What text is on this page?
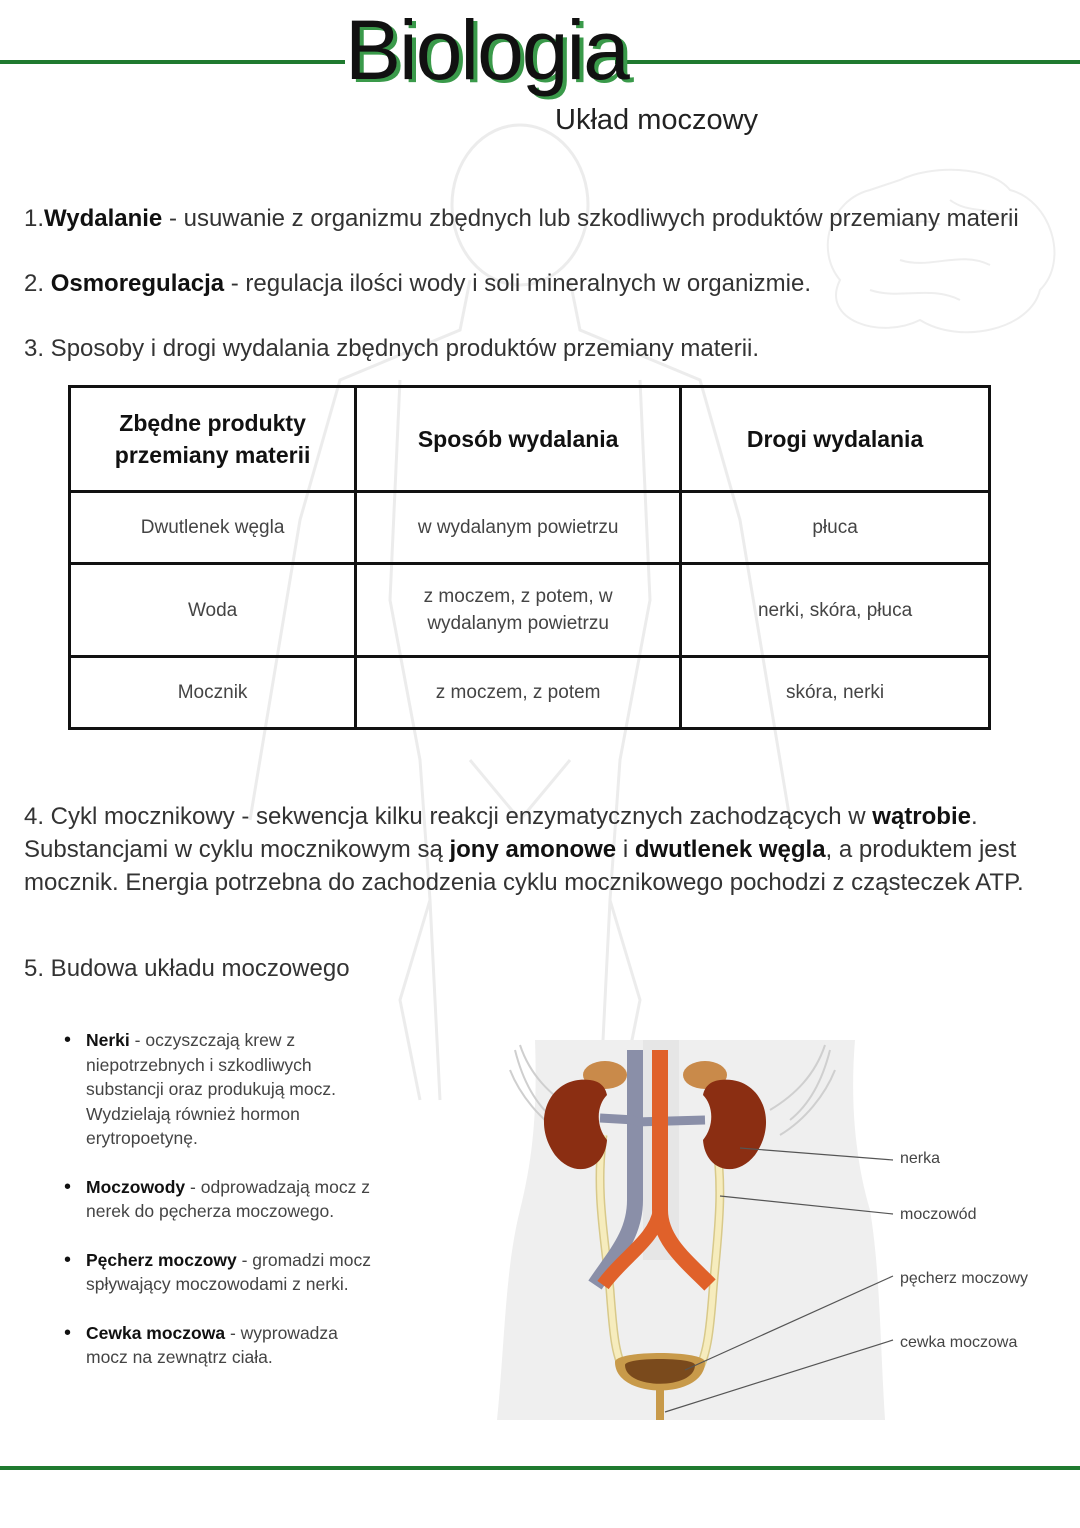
Biologia
Układ moczowy
1.Wydalanie - usuwanie z organizmu zbędnych lub szkodliwych produktów przemiany materii
2. Osmoregulacja - regulacja ilości wody i soli mineralnych w organizmie.
3. Sposoby i drogi wydalania zbędnych produktów przemiany materii.
Zbędne produkty przemiany materii	Sposób wydalania	Drogi wydalania
Dwutlenek węgla	w wydalanym powietrzu	płuca
Woda	z moczem, z potem, w wydalanym powietrzu	nerki, skóra, płuca
Mocznik	z moczem, z potem	skóra, nerki
4. Cykl mocznikowy - sekwencja kilku reakcji enzymatycznych zachodzących w wątrobie. Substancjami w cyklu mocznikowym są jony amonowe i dwutlenek węgla, a produktem jest mocznik. Energia potrzebna do zachodzenia cyklu mocznikowego pochodzi z cząsteczek ATP.
5. Budowa układu moczowego
• Nerki - oczyszczają krew z niepotrzebnych i szkodliwych substancji oraz produkują mocz. Wydzielają również hormon erytropoetynę.
• Moczowody - odprowadzają mocz z nerek do pęcherza moczowego.
• Pęcherz moczowy - gromadzi mocz spływający moczowodami z nerki.
• Cewka moczowa - wyprowadza mocz na zewnątrz ciała.
nerka
moczowód
pęcherz moczowy
cewka moczowa
